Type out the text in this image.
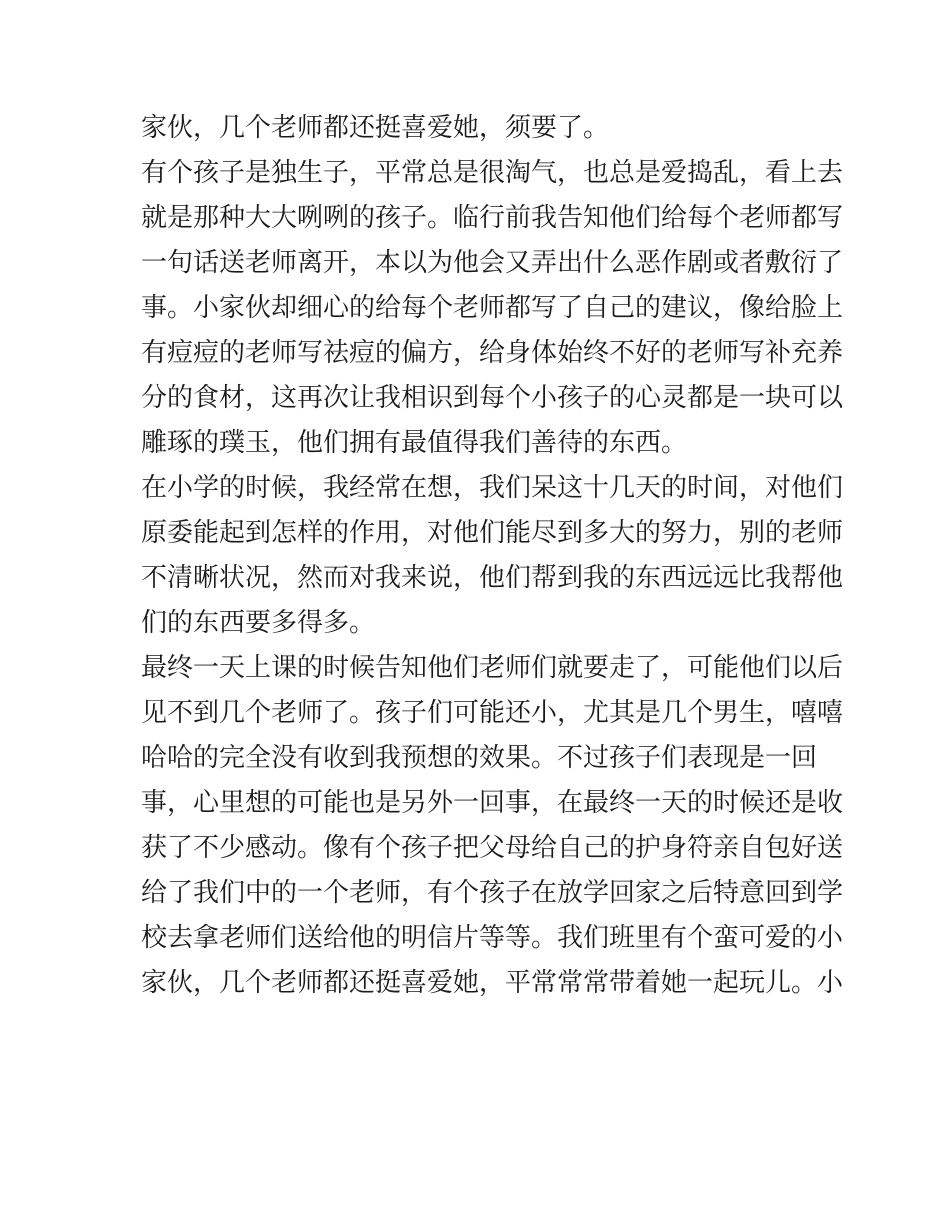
家伙，几个老师都还挺喜爱她，须要了。
有个孩子是独生子，平常总是很淘气，也总是爱捣乱，看上去
就是那种大大咧咧的孩子。临行前我告知他们给每个老师都写
一句话送老师离开，本以为他会又弄出什么恶作剧或者敷衍了
事。小家伙却细心的给每个老师都写了自己的建议，像给脸上
有痘痘的老师写祛痘的偏方，给身体始终不好的老师写补充养
分的食材，这再次让我相识到每个小孩子的心灵都是一块可以
雕琢的璞玉，他们拥有最值得我们善待的东西。
在小学的时候，我经常在想，我们呆这十几天的时间，对他们
原委能起到怎样的作用，对他们能尽到多大的努力，别的老师
不清晰状况，然而对我来说，他们帮到我的东西远远比我帮他
们的东西要多得多。
最终一天上课的时候告知他们老师们就要走了，可能他们以后
见不到几个老师了。孩子们可能还小，尤其是几个男生，嘻嘻
哈哈的完全没有收到我预想的效果。不过孩子们表现是一回
事，心里想的可能也是另外一回事，在最终一天的时候还是收
获了不少感动。像有个孩子把父母给自己的护身符亲自包好送
给了我们中的一个老师，有个孩子在放学回家之后特意回到学
校去拿老师们送给他的明信片等等。我们班里有个蛮可爱的小
家伙，几个老师都还挺喜爱她，平常常常带着她一起玩儿。小
